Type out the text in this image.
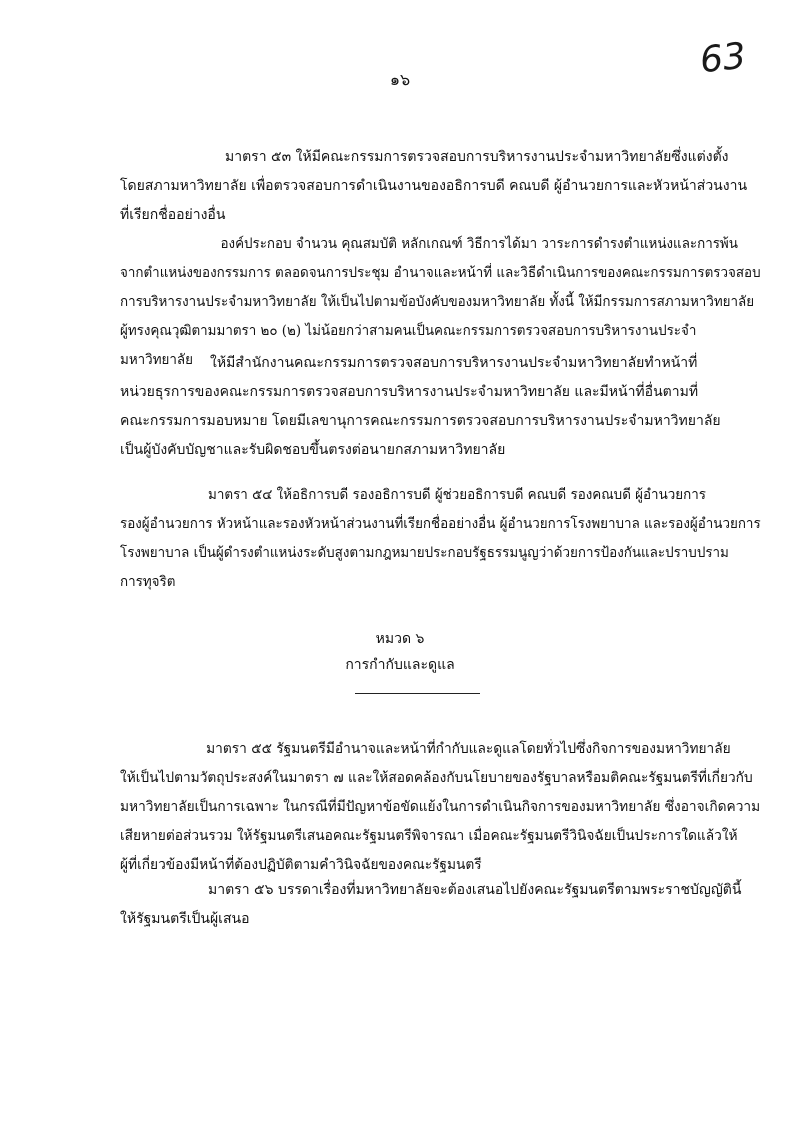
๑๖	63
มาตรา ๕๓ ให้มีคณะกรรมการตรวจสอบการบริหารงานประจำมหาวิทยาลัยซึ่งแต่งตั้ง
โดยสภามหาวิทยาลัย เพื่อตรวจสอบการดำเนินงานของอธิการบดี คณบดี ผู้อำนวยการและหัวหน้าส่วนงาน
ที่เรียกชื่ออย่างอื่น
องค์ประกอบ จำนวน คุณสมบัติ หลักเกณฑ์ วิธีการได้มา วาระการดำรงตำแหน่งและการพ้น
จากตำแหน่งของกรรมการ ตลอดจนการประชุม อำนาจและหน้าที่ และวิธีดำเนินการของคณะกรรมการตรวจสอบ
การบริหารงานประจำมหาวิทยาลัย ให้เป็นไปตามข้อบังคับของมหาวิทยาลัย ทั้งนี้ ให้มีกรรมการสภามหาวิทยาลัย
ผู้ทรงคุณวุฒิตามมาตรา ๒๐ (๒) ไม่น้อยกว่าสามคนเป็นคณะกรรมการตรวจสอบการบริหารงานประจำ
มหาวิทยาลัย	ให้มีสำนักงานคณะกรรมการตรวจสอบการบริหารงานประจำมหาวิทยาลัยทำหน้าที่
หน่วยธุรการของคณะกรรมการตรวจสอบการบริหารงานประจำมหาวิทยาลัย และมีหน้าที่อื่นตามที่
คณะกรรมการมอบหมาย โดยมีเลขานุการคณะกรรมการตรวจสอบการบริหารงานประจำมหาวิทยาลัย
เป็นผู้บังคับบัญชาและรับผิดชอบขึ้นตรงต่อนายกสภามหาวิทยาลัย
มาตรา ๕๔ ให้อธิการบดี รองอธิการบดี ผู้ช่วยอธิการบดี คณบดี รองคณบดี ผู้อำนวยการ
รองผู้อำนวยการ หัวหน้าและรองหัวหน้าส่วนงานที่เรียกชื่ออย่างอื่น ผู้อำนวยการโรงพยาบาล และรองผู้อำนวยการ
โรงพยาบาล เป็นผู้ดำรงตำแหน่งระดับสูงตามกฎหมายประกอบรัฐธรรมนูญว่าด้วยการป้องกันและปราบปราม
การทุจริต
หมวด ๖
การกำกับและดูแล
มาตรา ๕๕ รัฐมนตรีมีอำนาจและหน้าที่กำกับและดูแลโดยทั่วไปซึ่งกิจการของมหาวิทยาลัย
ให้เป็นไปตามวัตถุประสงค์ในมาตรา ๗ และให้สอดคล้องกับนโยบายของรัฐบาลหรือมติคณะรัฐมนตรีที่เกี่ยวกับ
มหาวิทยาลัยเป็นการเฉพาะ ในกรณีที่มีปัญหาข้อขัดแย้งในการดำเนินกิจการของมหาวิทยาลัย ซึ่งอาจเกิดความ
เสียหายต่อส่วนรวม ให้รัฐมนตรีเสนอคณะรัฐมนตรีพิจารณา เมื่อคณะรัฐมนตรีวินิจฉัยเป็นประการใดแล้วให้
ผู้ที่เกี่ยวข้องมีหน้าที่ต้องปฏิบัติตามคำวินิจฉัยของคณะรัฐมนตรี
มาตรา ๕๖ บรรดาเรื่องที่มหาวิทยาลัยจะต้องเสนอไปยังคณะรัฐมนตรีตามพระราชบัญญัตินี้
ให้รัฐมนตรีเป็นผู้เสนอ
